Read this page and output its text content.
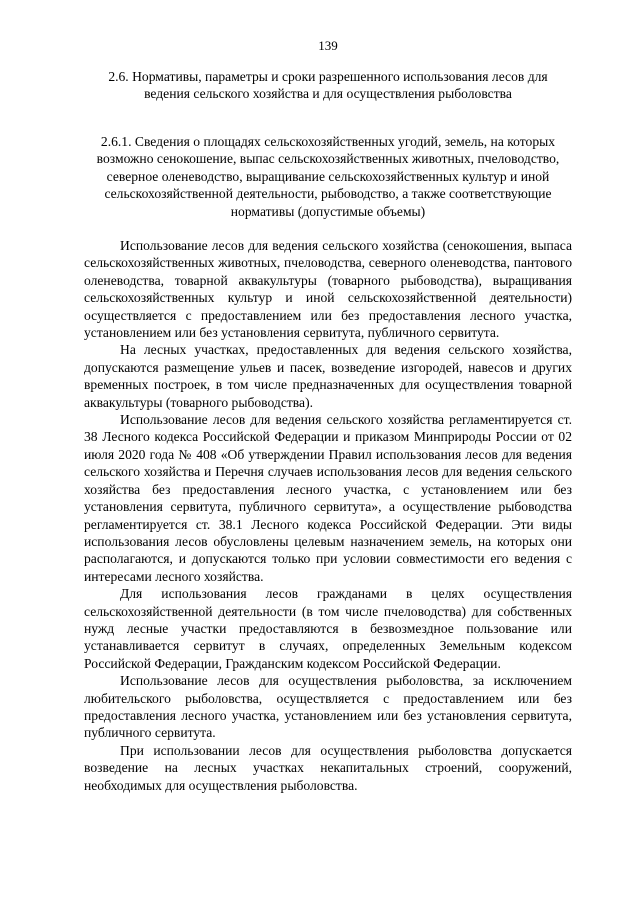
139
2.6. Нормативы, параметры и сроки разрешенного использования лесов для ведения сельского хозяйства и для осуществления рыболовства
2.6.1. Сведения о площадях сельскохозяйственных угодий, земель, на которых возможно сенокошение, выпас сельскохозяйственных животных, пчеловодство, северное оленеводство, выращивание сельскохозяйственных культур и иной сельскохозяйственной деятельности, рыбоводство, а также соответствующие нормативы (допустимые объемы)

Использование лесов для ведения сельского хозяйства (сенокошения, выпаса сельскохозяйственных животных, пчеловодства, северного оленеводства, пантового оленеводства, товарной аквакультуры (товарного рыбоводства), выращивания сельскохозяйственных культур и иной сельскохозяйственной деятельности) осуществляется с предоставлением или без предоставления лесного участка, установлением или без установления сервитута, публичного сервитута.

На лесных участках, предоставленных для ведения сельского хозяйства, допускаются размещение ульев и пасек, возведение изгородей, навесов и других временных построек, в том числе предназначенных для осуществления товарной аквакультуры (товарного рыбоводства).

Использование лесов для ведения сельского хозяйства регламентируется ст. 38 Лесного кодекса Российской Федерации и приказом Минприроды России от 02 июля 2020 года № 408 «Об утверждении Правил использования лесов для ведения сельского хозяйства и Перечня случаев использования лесов для ведения сельского хозяйства без предоставления лесного участка, с установлением или без установления сервитута, публичного сервитута», а осуществление рыбоводства регламентируется ст. 38.1 Лесного кодекса Российской Федерации. Эти виды использования лесов обусловлены целевым назначением земель, на которых они располагаются, и допускаются только при условии совместимости его ведения с интересами лесного хозяйства.

Для использования лесов гражданами в целях осуществления сельскохозяйственной деятельности (в том числе пчеловодства) для собственных нужд лесные участки предоставляются в безвозмездное пользование или устанавливается сервитут в случаях, определенных Земельным кодексом Российской Федерации, Гражданским кодексом Российской Федерации.

Использование лесов для осуществления рыболовства, за исключением любительского рыболовства, осуществляется с предоставлением или без предоставления лесного участка, установлением или без установления сервитута, публичного сервитута.

При использовании лесов для осуществления рыболовства допускается возведение на лесных участках некапитальных строений, сооружений, необходимых для осуществления рыболовства.
